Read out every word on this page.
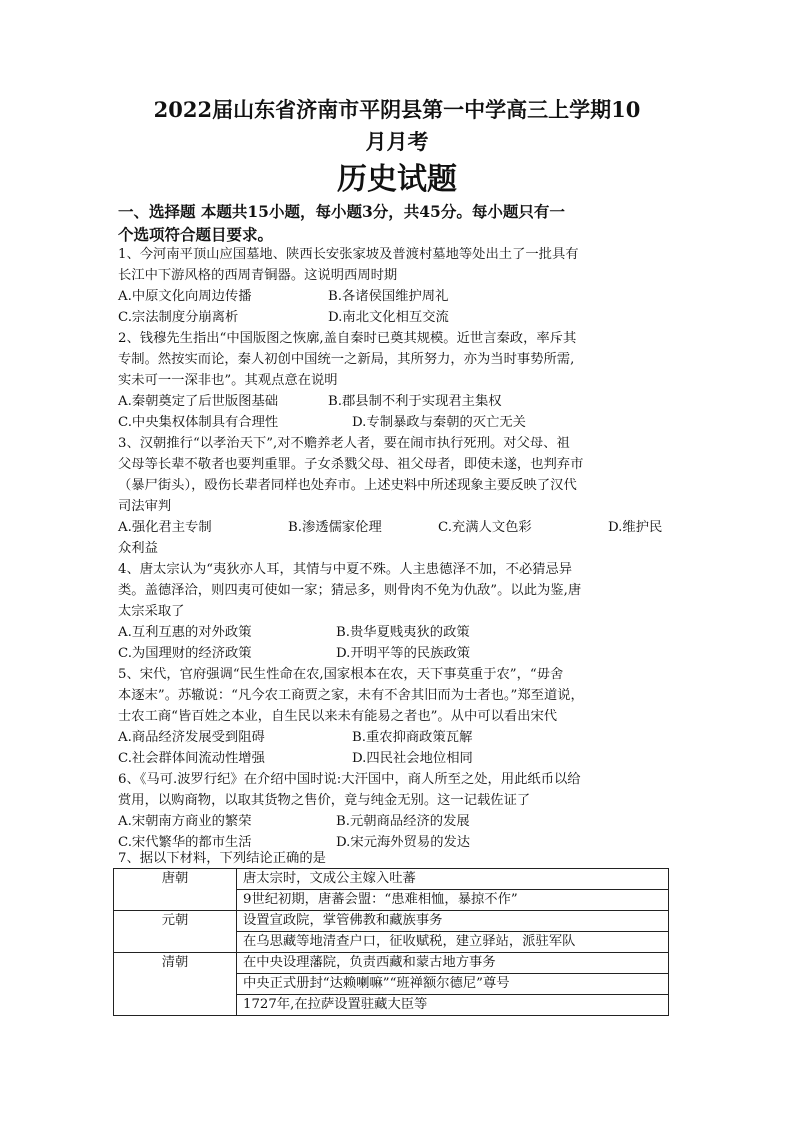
2022届山东省济南市平阴县第一中学高三上学期10
月月考
历史试题
一、选择题 本题共15小题，每小题3分，共45分。每小题只有一
个选项符合题目要求。
1、今河南平顶山应国墓地、陕西长安张家坡及普渡村墓地等处出土了一批具有
长江中下游风格的西周青铜器。这说明西周时期
A.中原文化向周边传播	B.各诸侯国维护周礼
C.宗法制度分崩离析	D.南北文化相互交流
2、钱穆先生指出“中国版图之恢廓,盖自秦时已奠其规模。近世言秦政，率斥其
专制。然按实而论，秦人初创中国统一之新局，其所努力，亦为当时事势所需,
实未可一一深非也”。其观点意在说明
A.秦朝奠定了后世版图基础	B.郡县制不利于实现君主集权
C.中央集权体制具有合理性	D.专制暴政与秦朝的灭亡无关
3、汉朝推行“以孝治天下”,对不赡养老人者，要在闹市执行死刑。对父母、祖
父母等长辈不敬者也要判重罪。子女杀戮父母、祖父母者，即使未遂，也判弃市
（暴尸街头），殴伤长辈者同样也处弃市。上述史料中所述现象主要反映了汉代
司法审判
A.强化君主专制	B.渗透儒家伦理	C.充满人文色彩	D.维护民
众利益
4、唐太宗认为“夷狄亦人耳，其情与中夏不殊。人主患德泽不加，不必猜忌异
类。盖德泽洽，则四夷可使如一家；猜忌多，则骨肉不免为仇敌”。以此为鉴,唐
太宗采取了
A.互利互惠的对外政策	B.贵华夏贱夷狄的政策
C.为国理财的经济政策	D.开明平等的民族政策
5、宋代，官府强调“民生性命在农,国家根本在农，天下事莫重于农”，“毋舍
本逐末”。苏辙说：“凡今农工商贾之家，未有不舍其旧而为士者也。”郑至道说，
士农工商“皆百姓之本业，自生民以来未有能易之者也”。从中可以看出宋代
A.商品经济发展受到阻碍	B.重农抑商政策瓦解
C.社会群体间流动性增强	D.四民社会地位相同
6、《马可.波罗行纪》在介绍中国时说:大汗国中，商人所至之处，用此纸币以给
赏用，以购商物，以取其货物之售价，竟与纯金无别。这一记载佐证了
A.宋朝南方商业的繁荣	B.元朝商品经济的发展
C.宋代繁华的都市生活	D.宋元海外贸易的发达
7、据以下材料，下列结论正确的是
唐朝	唐太宗时，文成公主嫁入吐蕃
	9世纪初期，唐蕃会盟：“患难相恤，暴掠不作”
元朝	设置宣政院，掌管佛教和藏族事务
	在乌思藏等地清查户口，征收赋税，建立驿站，派驻军队
清朝	在中央设理藩院，负责西藏和蒙古地方事务
	中央正式册封“达赖喇嘛”“班禅额尔德尼”尊号
	1727年,在拉萨设置驻藏大臣等
